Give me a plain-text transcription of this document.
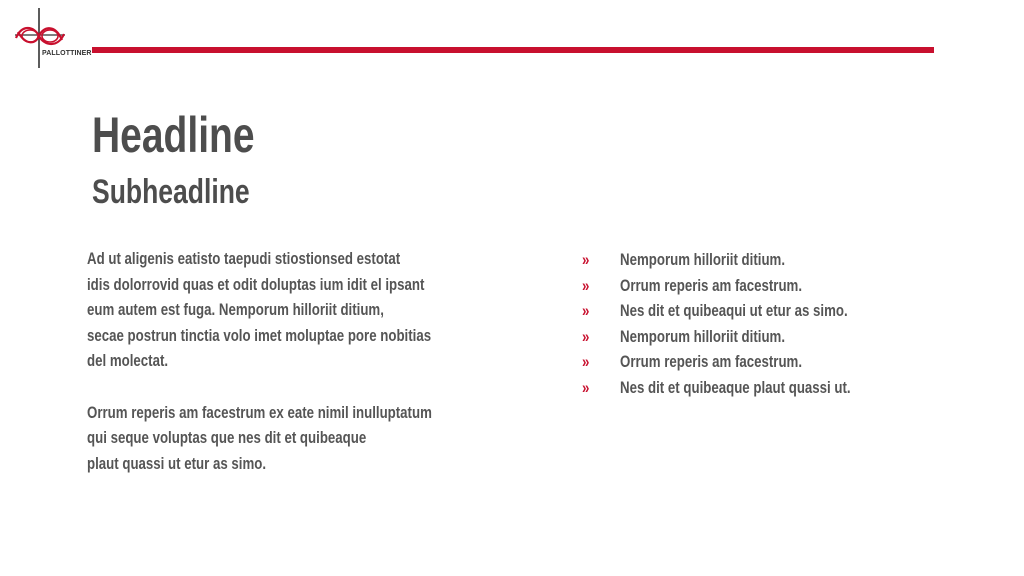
PALLOTTINER
Headline
Subheadline

Ad ut aligenis eatisto taepudi stiostionsed estotat
idis dolorrovid quas et odit doluptas ium idit el ipsant
eum autem est fuga. Nemporum hilloriit ditium,
secae postrun tinctia volo imet moluptae pore nobitias
del molectat.

Orrum reperis am facestrum ex eate nimil inulluptatum
qui seque voluptas que nes dit et quibeaque
plaut quassi ut etur as simo.

» Nemporum hilloriit ditium.
» Orrum reperis am facestrum.
» Nes dit et quibeaqui ut etur as simo.
» Nemporum hilloriit ditium.
» Orrum reperis am facestrum.
» Nes dit et quibeaque plaut quassi ut.
